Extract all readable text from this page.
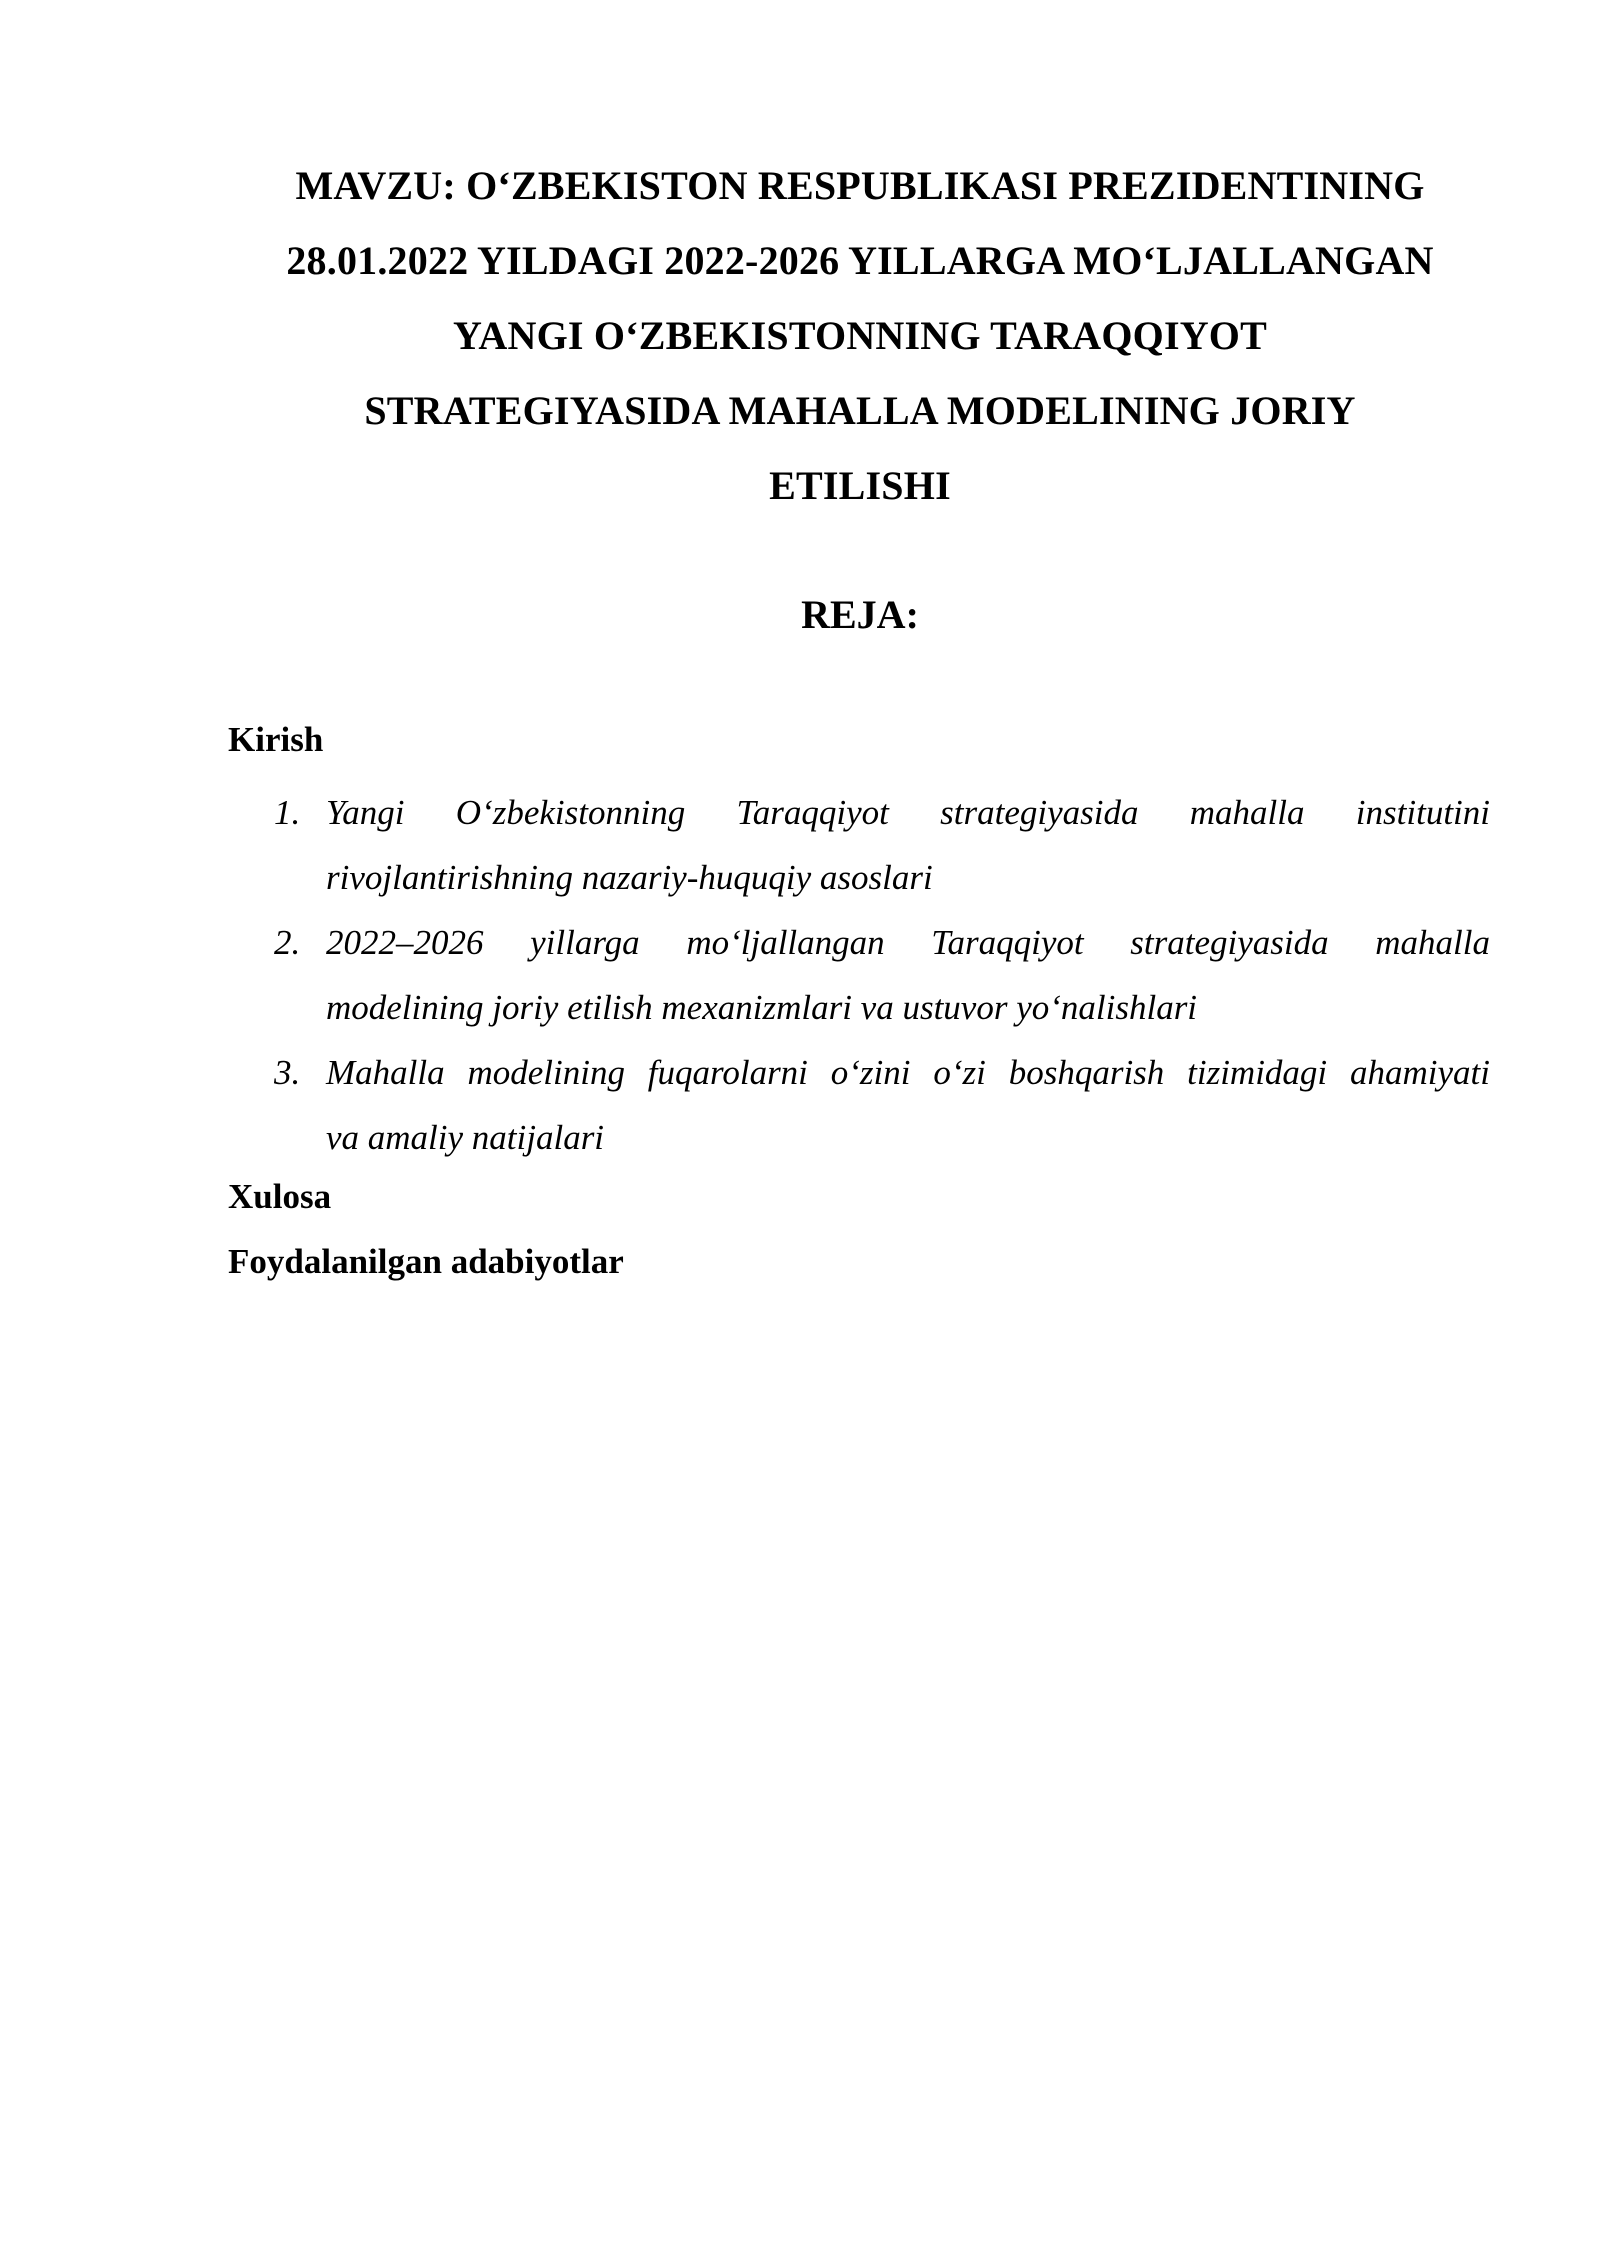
MAVZU: O‘ZBEKISTON RESPUBLIKASI PREZIDENTINING
28.01.2022 YILDAGI 2022-2026 YILLARGA MO‘LJALLANGAN
YANGI O‘ZBEKISTONNING TARAQQIYOT
STRATEGIYASIDA MAHALLA MODELINING JORIY
ETILISHI
REJA:

Kirish

1. Yangi O‘zbekistonning Taraqqiyot strategiyasida mahalla institutini
rivojlantirishning nazariy-huquqiy asoslari
2. 2022–2026 yillarga mo‘ljallangan Taraqqiyot strategiyasida mahalla
modelining joriy etilish mexanizmlari va ustuvor yo‘nalishlari
3. Mahalla modelining fuqarolarni o‘zini o‘zi boshqarish tizimidagi ahamiyati
va amaliy natijalari

Xulosa

Foydalanilgan adabiyotlar
